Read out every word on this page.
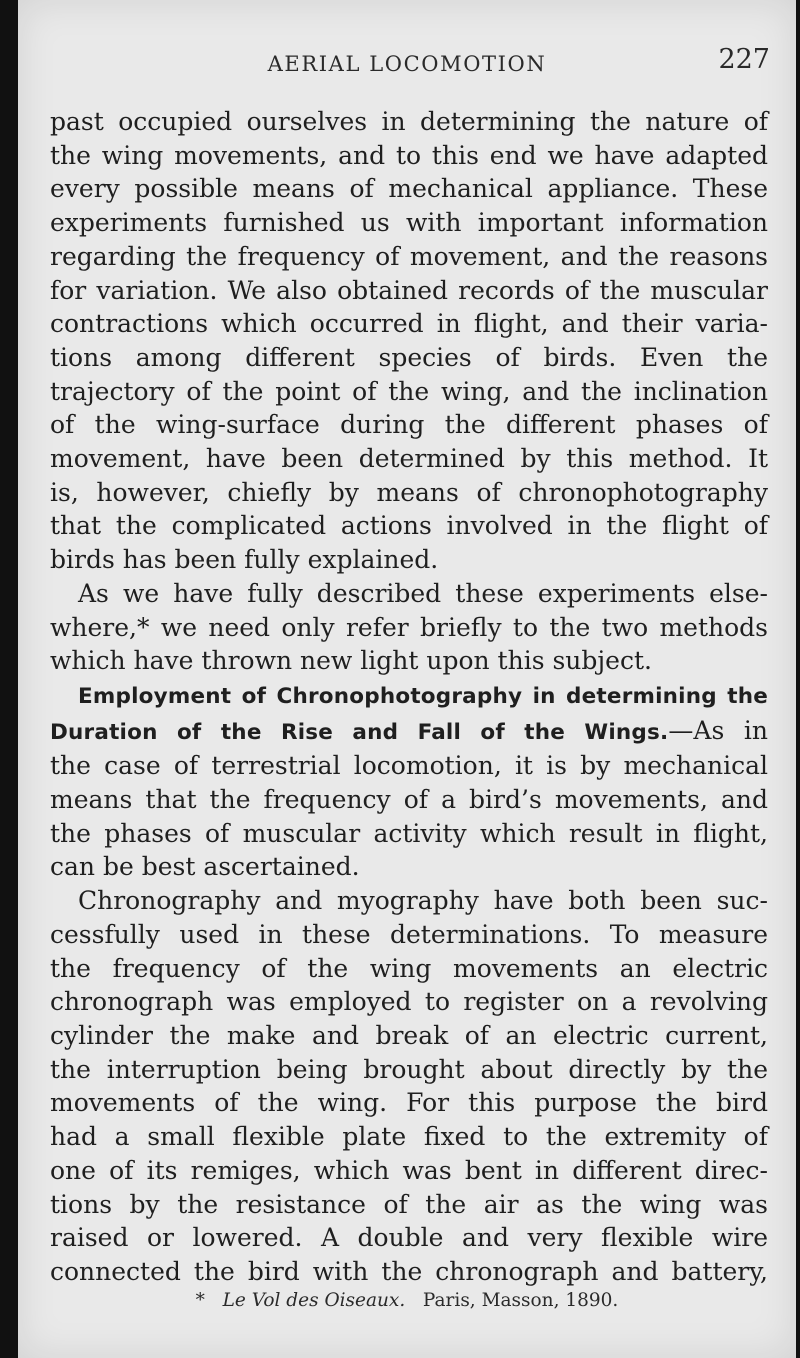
AERIAL LOCOMOTION	227
past occupied ourselves in determining the nature of
the wing movements, and to this end we have adapted
every possible means of mechanical appliance. These
experiments furnished us with important information
regarding the frequency of movement, and the reasons
for variation. We also obtained records of the muscular
contractions which occurred in flight, and their varia-
tions among different species of birds. Even the
trajectory of the point of the wing, and the inclination
of the wing-surface during the different phases of
movement, have been determined by this method. It
is, however, chiefly by means of chronophotography
that the complicated actions involved in the flight of
birds has been fully explained.
As we have fully described these experiments else-
where,* we need only refer briefly to the two methods
which have thrown new light upon this subject.
Employment of Chronophotography in determining the
Duration of the Rise and Fall of the Wings.—As in
the case of terrestrial locomotion, it is by mechanical
means that the frequency of a bird’s movements, and
the phases of muscular activity which result in flight,
can be best ascertained.
Chronography and myography have both been suc-
cessfully used in these determinations. To measure
the frequency of the wing movements an electric
chronograph was employed to register on a revolving
cylinder the make and break of an electric current,
the interruption being brought about directly by the
movements of the wing. For this purpose the bird
had a small flexible plate fixed to the extremity of
one of its remiges, which was bent in different direc-
tions by the resistance of the air as the wing was
raised or lowered. A double and very flexible wire
connected the bird with the chronograph and battery,
* Le Vol des Oiseaux. Paris, Masson, 1890.
